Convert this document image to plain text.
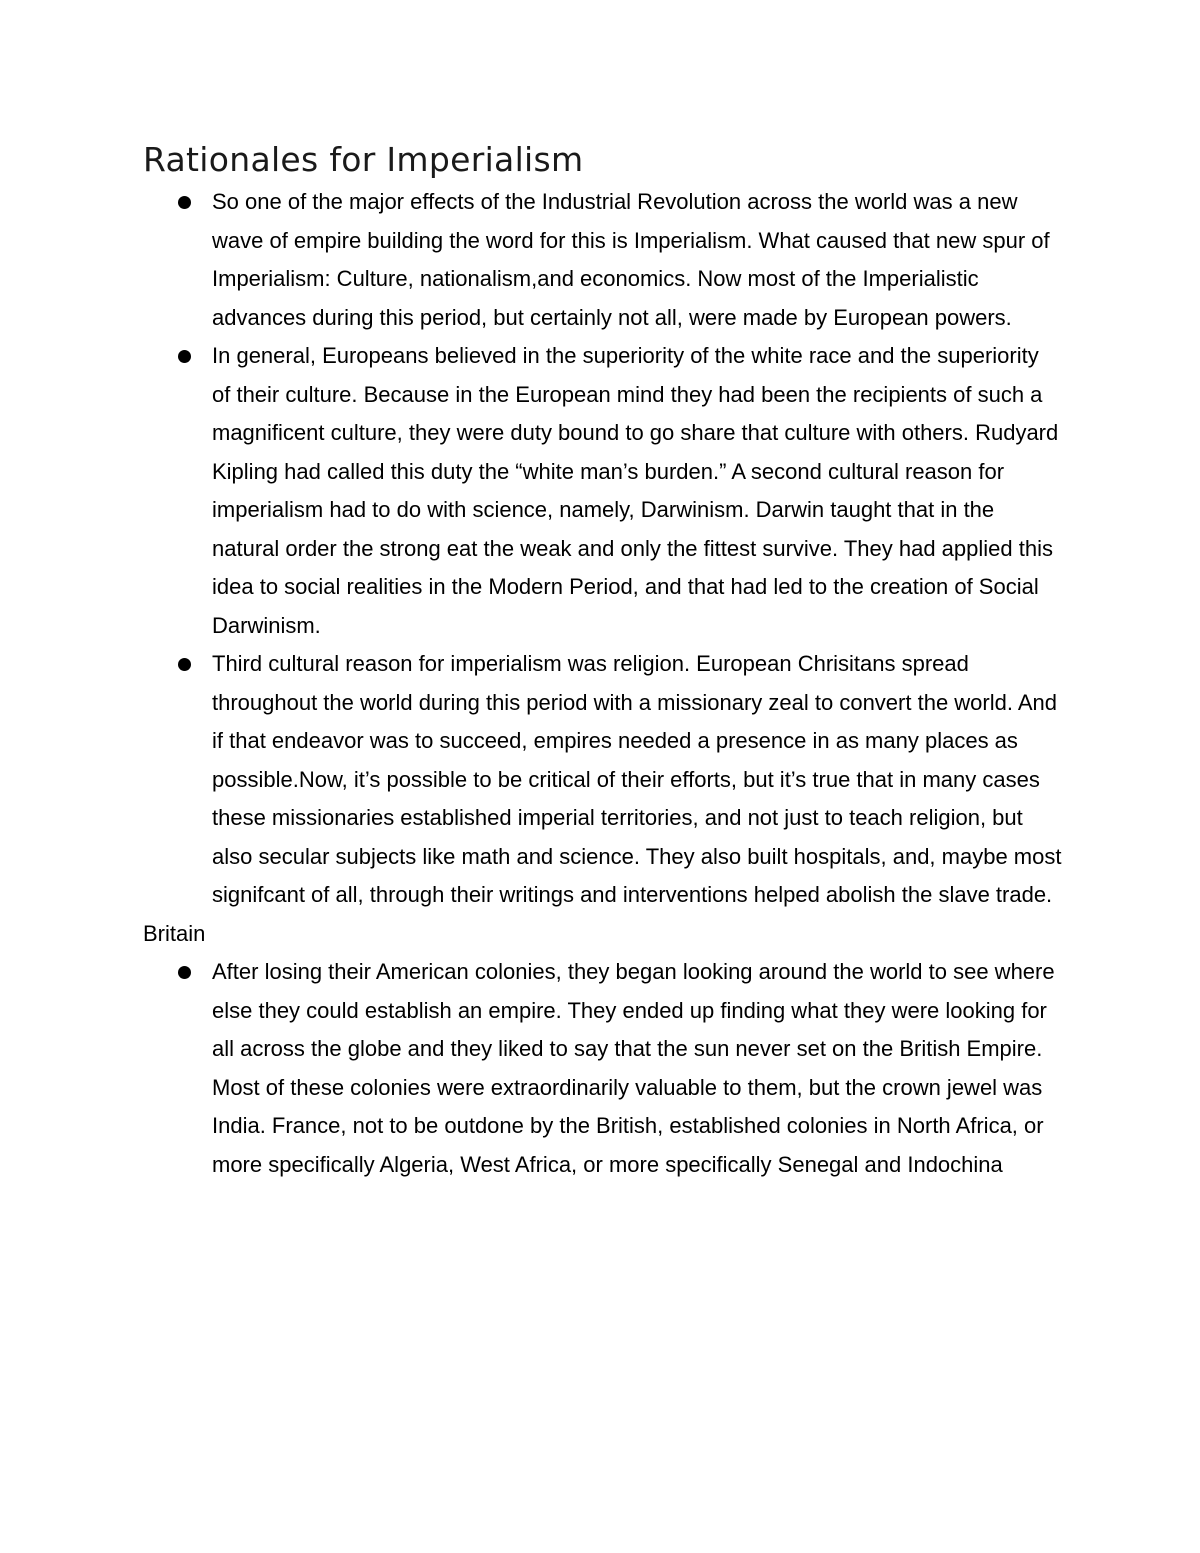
Rationales for Imperialism
So one of the major effects of the Industrial Revolution across the world was a new wave of empire building the word for this is Imperialism. What caused that new spur of Imperialism: Culture, nationalism,and economics. Now most of the Imperialistic advances during this period, but certainly not all, were made by European powers.
In general, Europeans believed in the superiority of the white race and the superiority of their culture. Because in the European mind they had been the recipients of such a magnificent culture, they were duty bound to go share that culture with others. Rudyard Kipling had called this duty the “white man’s burden.” A second cultural reason for imperialism had to do with science, namely, Darwinism. Darwin taught that in the natural order the strong eat the weak and only the fittest survive. They had applied this idea to social realities in the Modern Period, and that had led to the creation of Social Darwinism.
Third cultural reason for imperialism was religion. European Chrisitans spread throughout the world during this period with a missionary zeal to convert the world. And if that endeavor was to succeed, empires needed a presence in as many places as possible.Now, it’s possible to be critical of their efforts, but it’s true that in many cases these missionaries established imperial territories, and not just to teach religion, but also secular subjects like math and science. They also built hospitals, and, maybe most signifcant of all, through their writings and interventions helped abolish the slave trade.

Britain

After losing their American colonies, they began looking around the world to see where else they could establish an empire. They ended up finding what they were looking for all across the globe and they liked to say that the sun never set on the British Empire. Most of these colonies were extraordinarily valuable to them, but the crown jewel was India. France, not to be outdone by the British, established colonies in North Africa, or more specifically Algeria, West Africa, or more specifically Senegal and Indochina
